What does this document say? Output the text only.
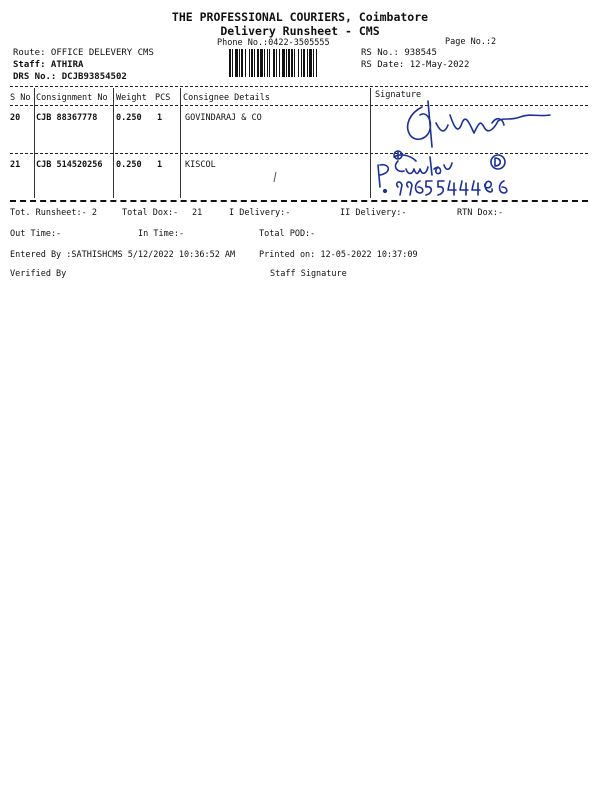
THE PROFESSIONAL COURIERS, Coimbatore
Delivery Runsheet - CMS
Phone No.:0422-3505555	Page No.:2
Route: OFFICE DELEVERY CMS
Staff: ATHIRA
DRS No.: DCJB93854502
RS No.: 938545
RS Date: 12-May-2022
S No Consignment No Weight PCS Consignee Details	Signature
20 CJB 88367778 0.250 1	GOVINDARAJ & CO
21 CJB 514520256 0.250 1	KISCOL
Tot. Runsheet:- 2	Total Dox:- 21	I Delivery:-	II Delivery:-	RTN Dox:-
Out Time:-	In Time:-	Total POD:-
Entered By :SATHISHCMS 5/12/2022 10:36:52 AM	Printed on: 12-05-2022 10:37:09
Verified By	Staff Signature
